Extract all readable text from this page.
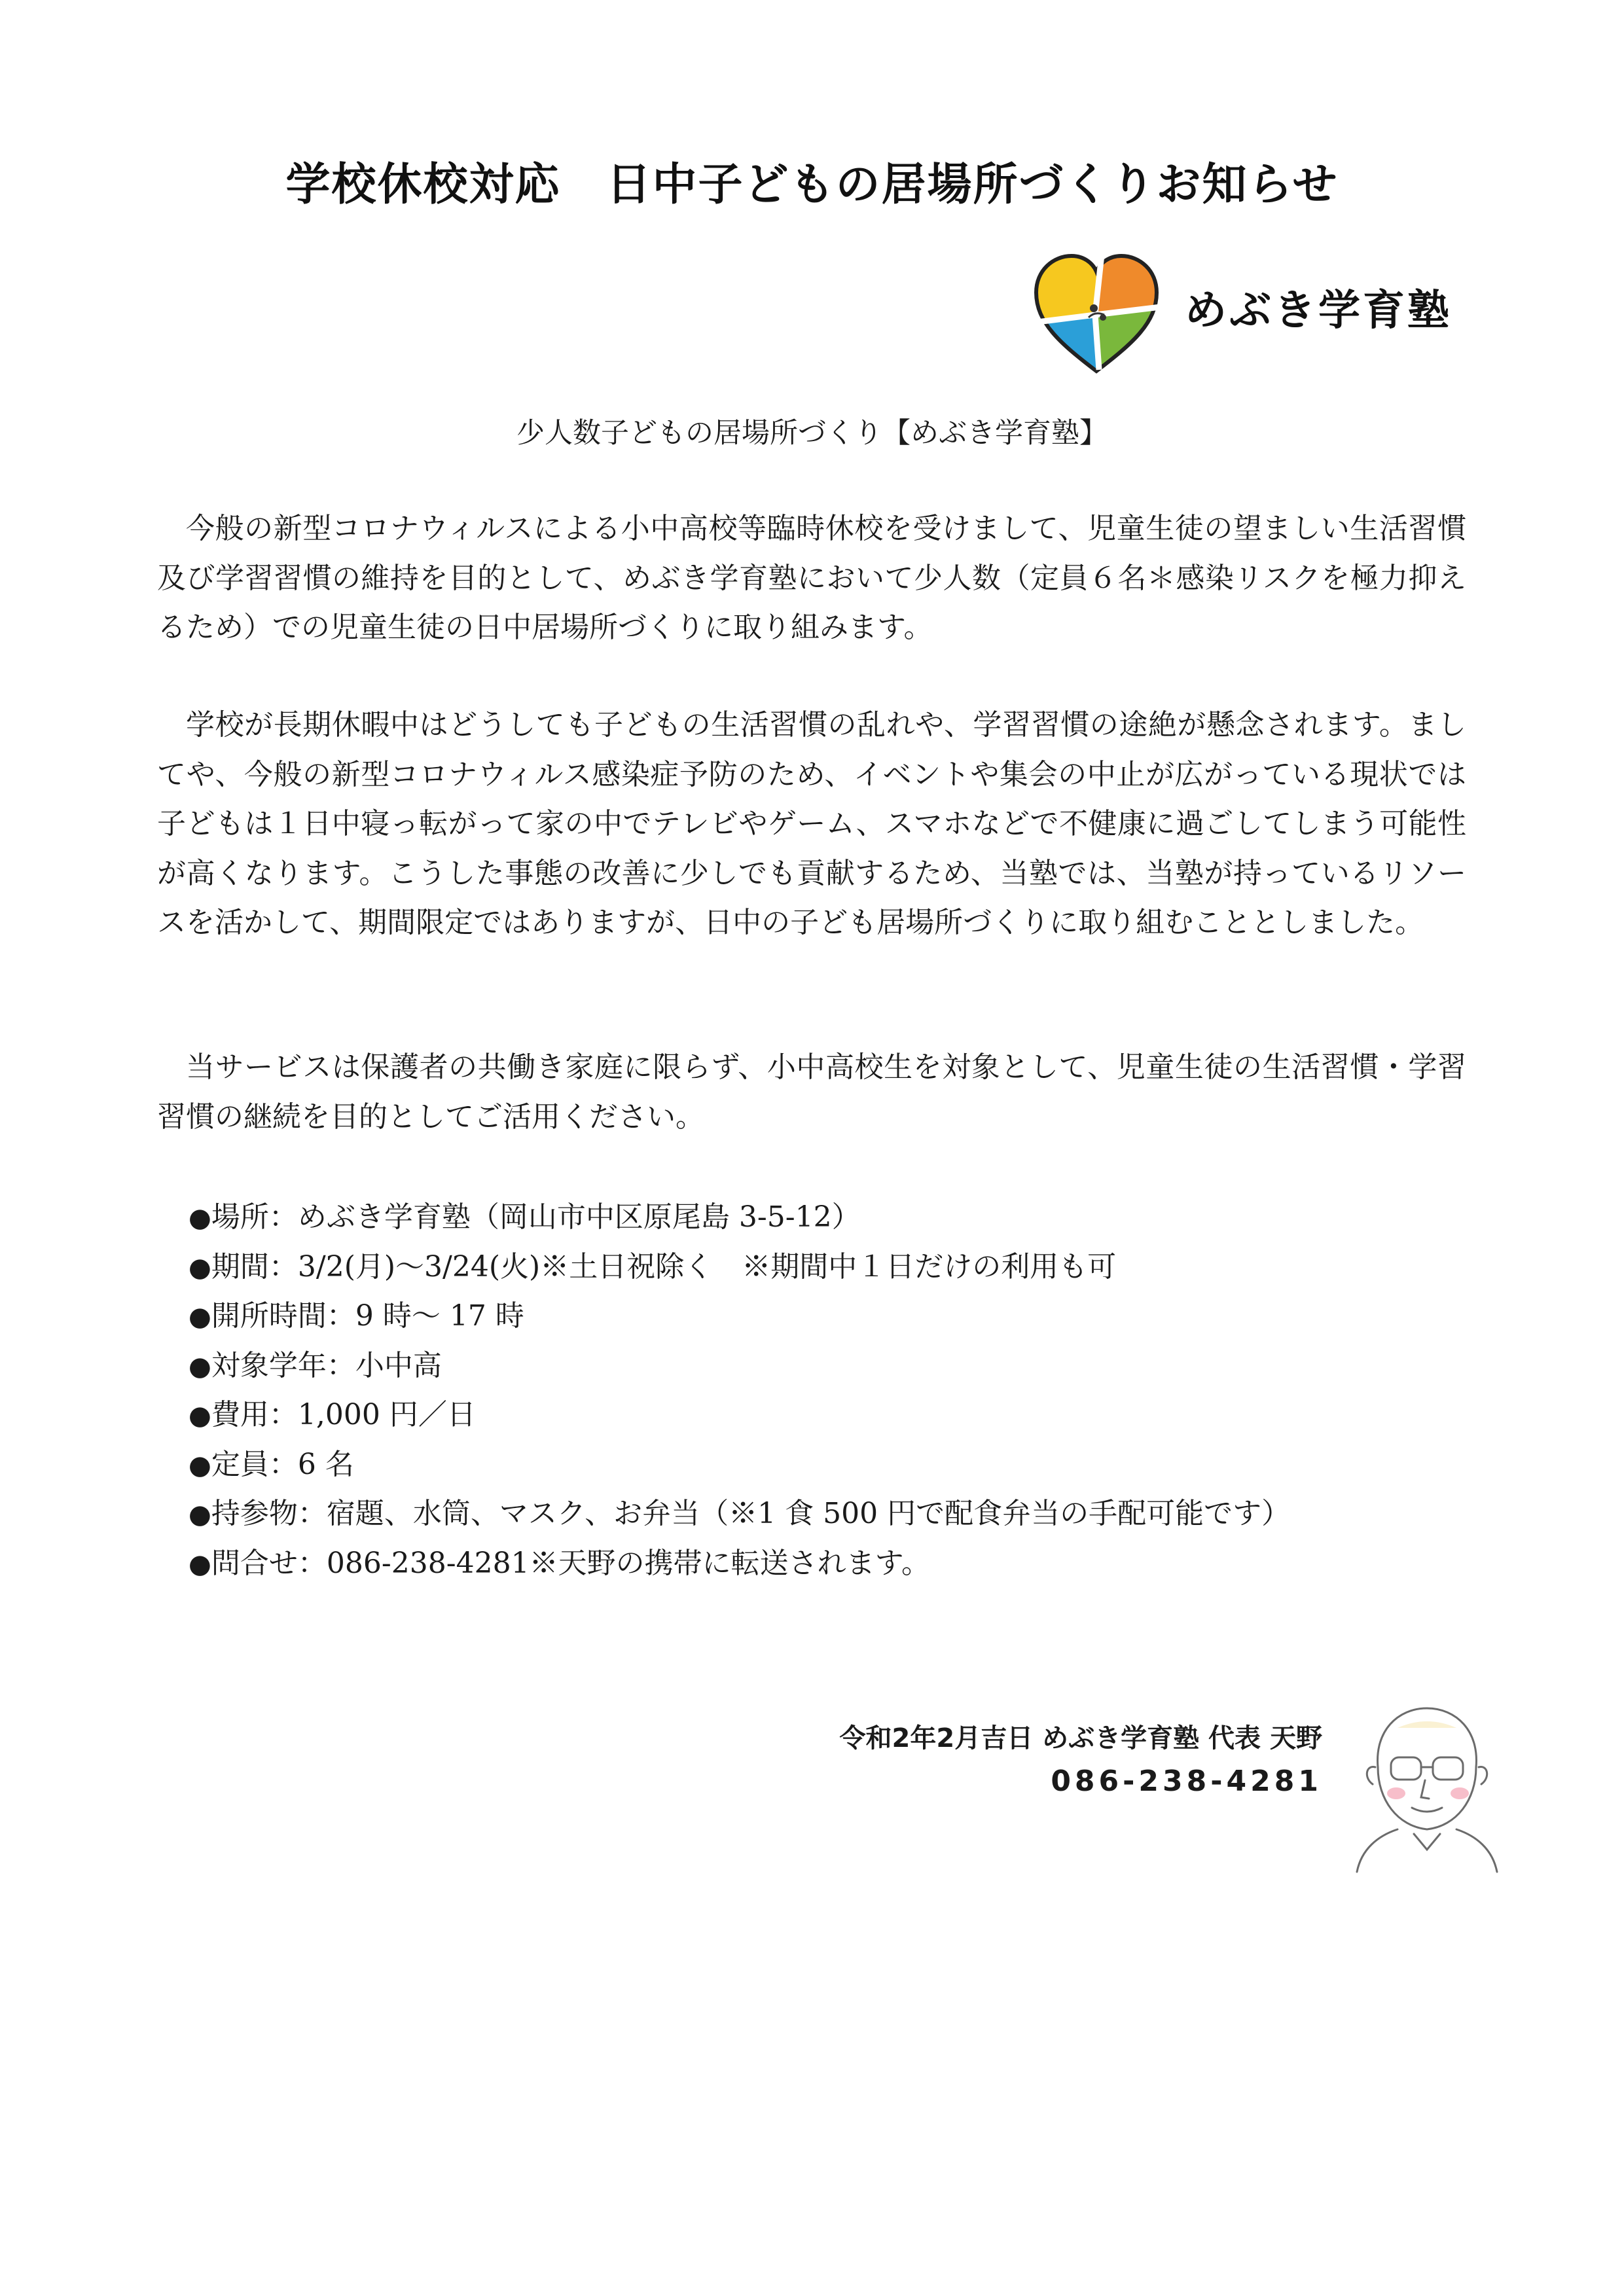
学校休校対応　日中子どもの居場所づくりお知らせ
めぶき学育塾
少人数子どもの居場所づくり【めぶき学育塾】

今般の新型コロナウィルスによる小中高校等臨時休校を受けまして、児童生徒の望ましい生活習慣及び学習習慣の維持を目的として、めぶき学育塾において少人数（定員６名＊感染リスクを極力抑えるため）での児童生徒の日中居場所づくりに取り組みます。

学校が長期休暇中はどうしても子どもの生活習慣の乱れや、学習習慣の途絶が懸念されます。ましてや、今般の新型コロナウィルス感染症予防のため、イベントや集会の中止が広がっている現状では子どもは１日中寝っ転がって家の中でテレビやゲーム、スマホなどで不健康に過ごしてしまう可能性が高くなります。こうした事態の改善に少しでも貢献するため、当塾では、当塾が持っているリソースを活かして、期間限定ではありますが、日中の子ども居場所づくりに取り組むこととしました。

当サービスは保護者の共働き家庭に限らず、小中高校生を対象として、児童生徒の生活習慣・学習習慣の継続を目的としてご活用ください。

●場所：めぶき学育塾（岡山市中区原尾島 3-5-12）
●期間：3/2(月)～3/24(火)※土日祝除く　※期間中１日だけの利用も可
●開所時間：9 時～ 17 時
●対象学年：小中高
●費用：1,000 円／日
●定員：6 名
●持参物：宿題、水筒、マスク、お弁当（※1 食 500 円で配食弁当の手配可能です）
●問合せ：086-238-4281※天野の携帯に転送されます。
令和2年2月吉日 めぶき学育塾 代表 天野
086-238-4281
